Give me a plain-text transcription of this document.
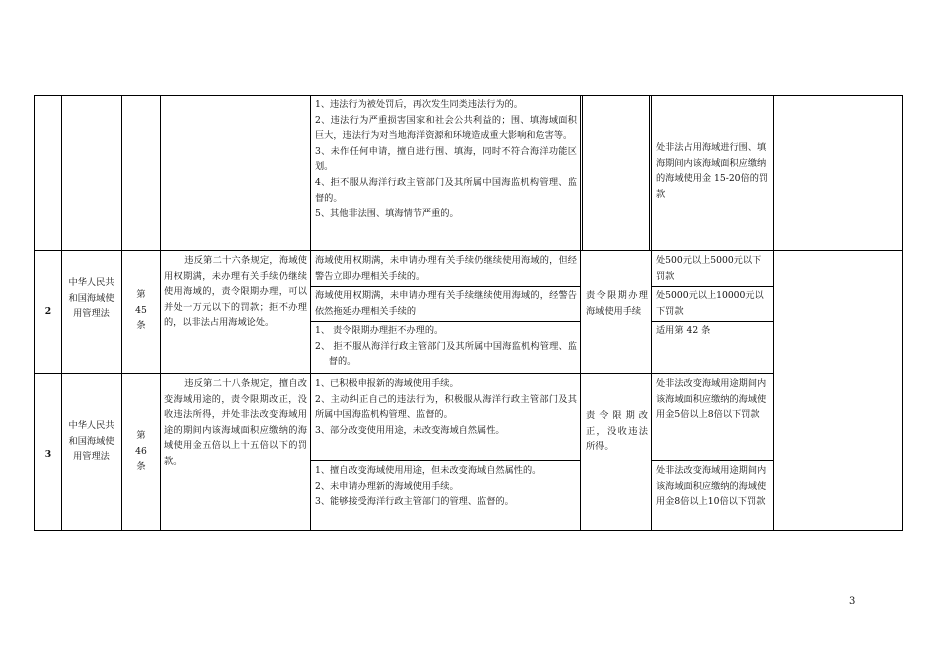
1、违法行为被处罚后，再次发生同类违法行为的。

2、违法行为严重损害国家和社会公共利益的；围、填海域面积巨大，违法行为对当地海洋资源和环境造成重大影响和危害等。

3、未作任何申请，擅自进行围、填海，同时不符合海洋功能区划。

4、拒不服从海洋行政主管部门及其所属中国海监机构管理、监督的。

5、其他非法围、填海情节严重的。

处非法占用海域进行围、填海期间内该海域面积应缴纳的海域使用金 15-20倍的罚款
2
中华人民共和国海域使用管理法

第

45

条

违反第二十六条规定，海域使用权期满，未办理有关手续仍继续使用海域的，责令限期办理，可以并处一万元以下的罚款；拒不办理的，以非法占用海域论处。
海域使用权期满，未申请办理有关手续仍继续使用海域的，但经警告立即办理相关手续的。
海域使用权期满，未申请办理有关手续继续使用海域的，经警告依然拖延办理相关手续的

1、 责令限期办理拒不办理的。

2、 拒不服从海洋行政主管部门及其所属中国海监机构管理、监督的。

责令限期办理海域使用手续
处500元以上5000元以下罚款
处5000元以上10000元以下罚款
适用第 42 条
3
中华人民共和国海域使用管理法

第

46

条

违反第二十八条规定，擅自改变海域用途的，责令限期改正，没收违法所得，并处非法改变海域用途的期间内该海域面积应缴纳的海域使用金五倍以上十五倍以下的罚款。

1、已积极申报新的海域使用手续。

2、主动纠正自己的违法行为，积极服从海洋行政主管部门及其所属中国海监机构管理、监督的。

3、部分改变使用用途，未改变海域自然属性。

1、擅自改变海域使用用途，但未改变海域自然属性的。

2、未申请办理新的海域使用手续。

3、能够接受海洋行政主管部门的管理、监督的。

责令限期改正，没收违法所得。
处非法改变海域用途期间内该海域面积应缴纳的海域使用金5倍以上8倍以下罚款
处非法改变海域用途期间内该海域面积应缴纳的海域使用金8倍以上10倍以下罚款
3
